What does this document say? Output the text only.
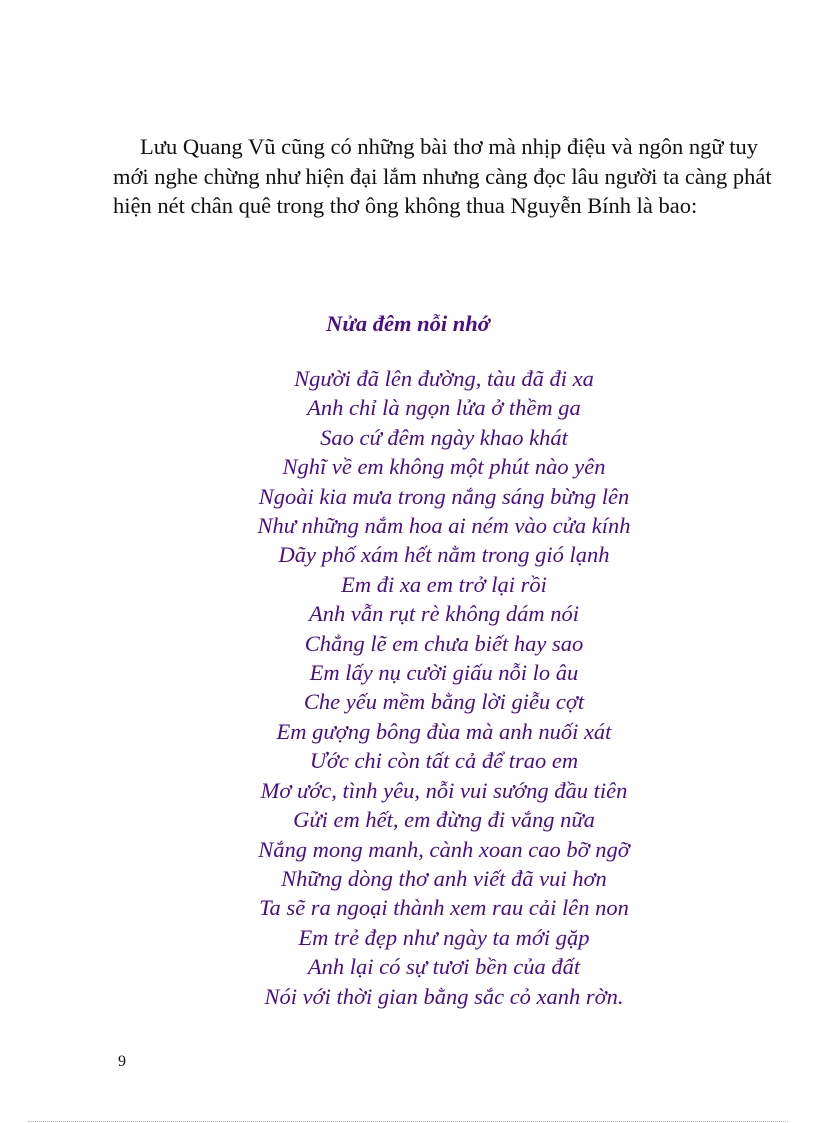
Lưu Quang Vũ cũng có những bài thơ mà nhịp điệu và ngôn ngữ tuy mới nghe chừng như hiện đại lắm nhưng càng đọc lâu người ta càng phát hiện nét chân quê trong thơ ông không thua Nguyễn Bính là bao:

Nửa đêm nỗi nhớ
Người đã lên đường, tàu đã đi xa
Anh chỉ là ngọn lửa ở thềm ga
Sao cứ đêm ngày khao khát
Nghĩ về em không một phút nào yên
Ngoài kia mưa trong nắng sáng bừng lên
Như những nắm hoa ai ném vào cửa kính
Dãy phố xám hết nằm trong gió lạnh
Em đi xa em trở lại rồi
Anh vẫn rụt rè không dám nói
Chẳng lẽ em chưa biết hay sao
Em lấy nụ cười giấu nỗi lo âu
Che yếu mềm bằng lời giễu cợt
Em gượng bông đùa mà anh nuối xát
Ước chi còn tất cả để trao em
Mơ ước, tình yêu, nỗi vui sướng đầu tiên
Gửi em hết, em đừng đi vắng nữa
Nắng mong manh, cành xoan cao bỡ ngỡ
Những dòng thơ anh viết đã vui hơn
Ta sẽ ra ngoại thành xem rau cải lên non
Em trẻ đẹp như ngày ta mới gặp
Anh lại có sự tươi bền của đất
Nói với thời gian bằng sắc cỏ xanh rờn.
9
